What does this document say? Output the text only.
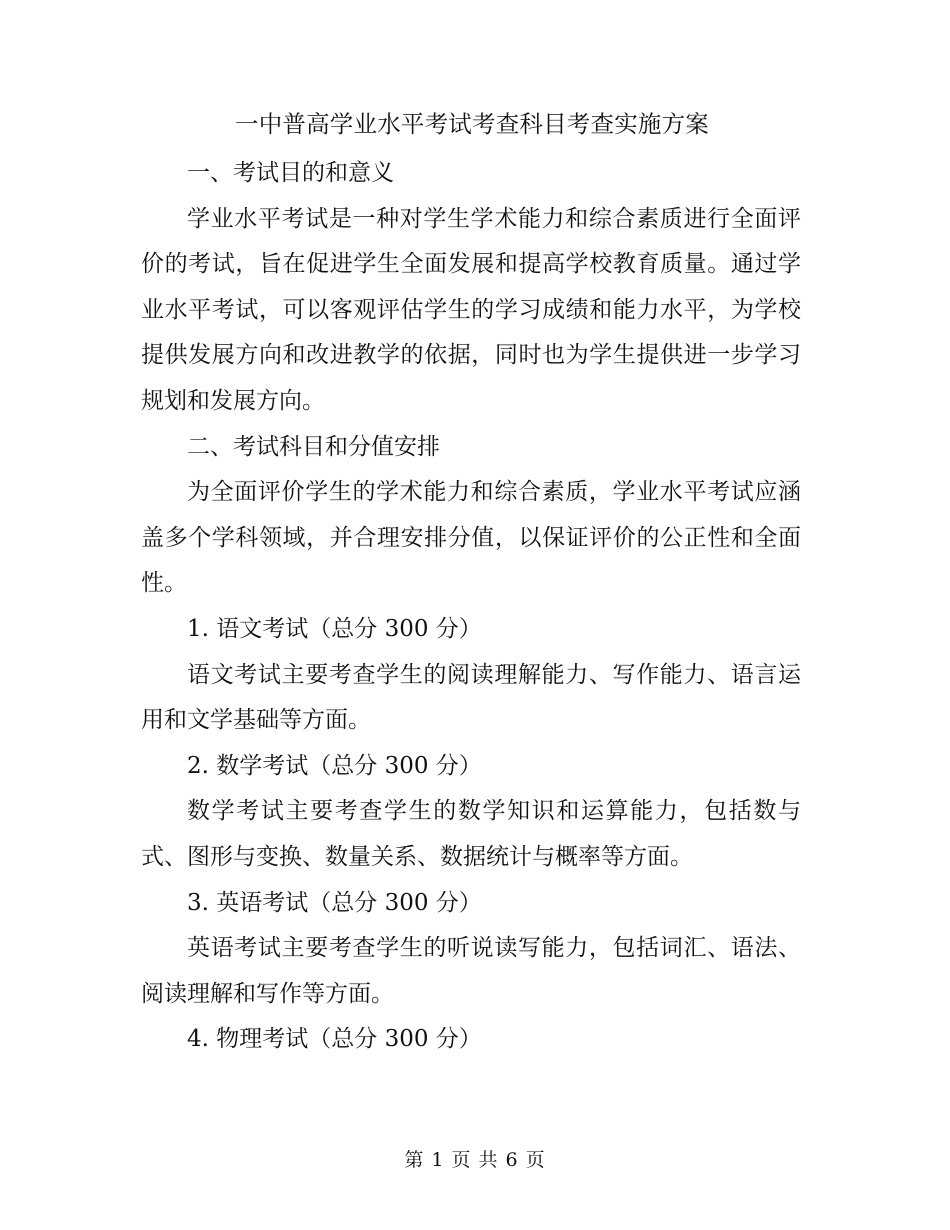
一中普高学业水平考试考查科目考查实施方案

一、考试目的和意义

学业水平考试是一种对学生学术能力和综合素质进行全面评价的考试，旨在促进学生全面发展和提高学校教育质量。通过学业水平考试，可以客观评估学生的学习成绩和能力水平，为学校提供发展方向和改进教学的依据，同时也为学生提供进一步学习规划和发展方向。

二、考试科目和分值安排

为全面评价学生的学术能力和综合素质，学业水平考试应涵盖多个学科领域，并合理安排分值，以保证评价的公正性和全面性。

1. 语文考试（总分 300 分）

语文考试主要考查学生的阅读理解能力、写作能力、语言运用和文学基础等方面。

2. 数学考试（总分 300 分）

数学考试主要考查学生的数学知识和运算能力，包括数与式、图形与变换、数量关系、数据统计与概率等方面。

3. 英语考试（总分 300 分）

英语考试主要考查学生的听说读写能力，包括词汇、语法、阅读理解和写作等方面。

4. 物理考试（总分 300 分）

第 1 页 共 6 页
